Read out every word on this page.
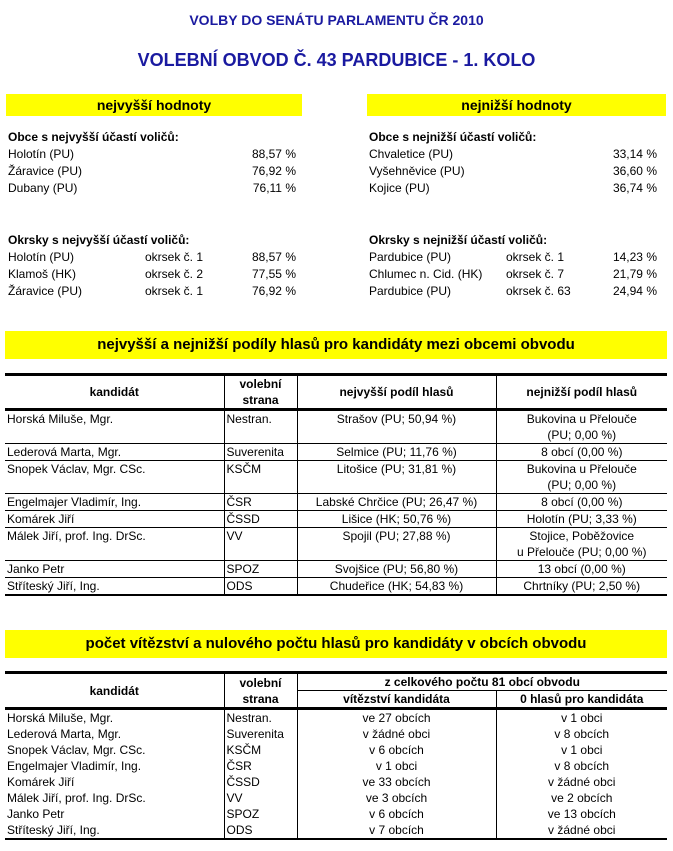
VOLBY DO SENÁTU PARLAMENTU ČR 2010
VOLEBNÍ OBVOD Č. 43 PARDUBICE - 1. KOLO
nejvyšší hodnoty
Obce s nejvyšší účastí voličů:
Holotín (PU)	88,57 %
Žáravice (PU)	76,92 %
Dubany (PU)	76,11 %
Okrsky s nejvyšší účastí voličů:
Holotín (PU)	okrsek č. 1	88,57 %
Klamoš (HK)	okrsek č. 2	77,55 %
Žáravice (PU)	okrsek č. 1	76,92 %
nejnižší hodnoty
Obce s nejnižší účastí voličů:
Chvaletice (PU)	33,14 %
Vyšehněvice (PU)	36,60 %
Kojice (PU)	36,74 %
Okrsky s nejnižší účastí voličů:
Pardubice (PU)	okrsek č. 1	14,23 %
Chlumec n. Cid. (HK) okrsek č. 7	21,79 %
Pardubice (PU)	okrsek č. 63	24,94 %
nejvyšší a nejnižší podíly hlasů pro kandidáty mezi obcemi obvodu
kandidát	volební
strana	nejvyšší podíl hlasů	nejnižší podíl hlasů
Horská Miluše, Mgr.	Nestran.	Strašov (PU; 50,94 %)	Bukovina u Přelouče
(PU; 0,00 %)

Lederová Marta, Mgr.	Suverenita	Selmice (PU; 11,76 %)	8 obcí (0,00 %)

Snopek Václav, Mgr. CSc.	KSČM	Litošice (PU; 31,81 %)	Bukovina u Přelouče
(PU; 0,00 %)

Engelmajer Vladimír, Ing.	ČSR	Labské Chrčice (PU; 26,47 %)	8 obcí (0,00 %)

Komárek Jiří	ČSSD	Lišice (HK; 50,76 %)	Holotín (PU; 3,33 %)

Málek Jiří, prof. Ing. DrSc.	VV	Spojil (PU; 27,88 %)	Stojice, Poběžovice
u Přelouče (PU; 0,00 %)

Janko Petr	SPOZ	Svojšice (PU; 56,80 %)	13 obcí (0,00 %)

Stříteský Jiří, Ing.	ODS	Chudeřice (HK; 54,83 %)	Chrtníky (PU; 2,50 %)
počet vítězství a nulového počtu hlasů pro kandidáty v obcích obvodu
kandidát	volební
strana	z celkového počtu 81 obcí obvodu	
		vítězství kandidáta	0 hlasů pro kandidáta
Horská Miluše, Mgr.	Nestran.	ve 27 obcích	v 1 obci
Lederová Marta, Mgr.	Suverenita	v žádné obci	v 8 obcích
Snopek Václav, Mgr. CSc.	KSČM	v 6 obcích	v 1 obci
Engelmajer Vladimír, Ing.	ČSR	v 1 obci	v 8 obcích
Komárek Jiří	ČSSD	ve 33 obcích	v žádné obci
Málek Jiří, prof. Ing. DrSc.	VV	ve 3 obcích	ve 2 obcích
Janko Petr	SPOZ	v 6 obcích	ve 13 obcích
Stříteský Jiří, Ing.	ODS	v 7 obcích	v žádné obci
